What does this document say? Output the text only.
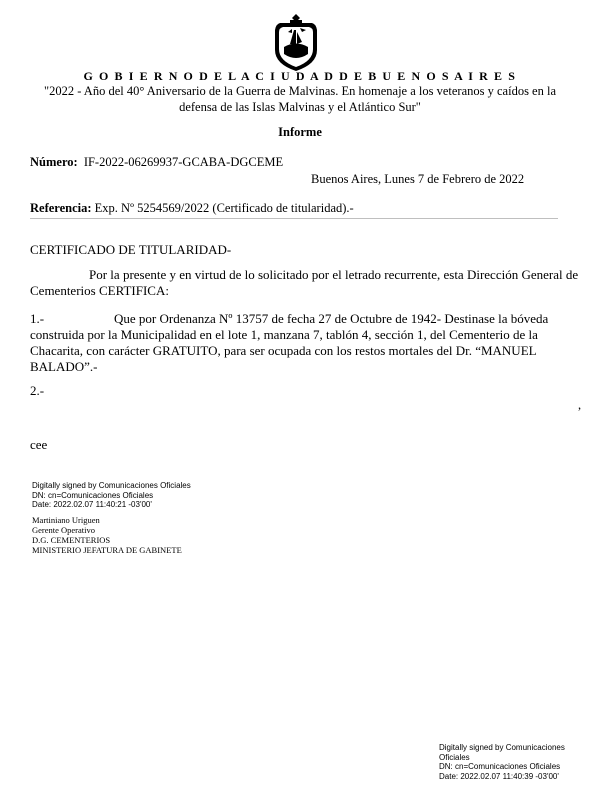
G O B I E R N O D E L A C I U D A D D E B U E N O S A I R E S
"2022 - Año del 40° Aniversario de la Guerra de Malvinas. En homenaje a los veteranos y caídos en la
defensa de las Islas Malvinas y el Atlántico Sur"
Informe
Número: IF-2022-06269937-GCABA-DGCEME
Buenos Aires, Lunes 7 de Febrero de 2022
Referencia: Exp. Nº 5254569/2022 (Certificado de titularidad).-
CERTIFICADO DE TITULARIDAD-
Por la presente y en virtud de lo solicitado por el letrado recurrente, esta Dirección General de
Cementerios CERTIFICA:
1.-	Que por Ordenanza Nº 13757 de fecha 27 de Octubre de 1942- Destinase la bóveda
construida por la Municipalidad en el lote 1, manzana 7, tablón 4, sección 1, del Cementerio de la
Chacarita, con carácter GRATUITO, para ser ocupada con los restos mortales del Dr. “MANUEL
BALADO”.-
2.-
,
cee
Digitally signed by Comunicaciones Oficiales
DN: cn=Comunicaciones Oficiales
Date: 2022.02.07 11:40:21 -03'00'
Martiniano Uriguen
Gerente Operativo
D.G. CEMENTERIOS
MINISTERIO JEFATURA DE GABINETE
Digitally signed by Comunicaciones
Oficiales
DN: cn=Comunicaciones Oficiales
Date: 2022.02.07 11:40:39 -03'00'
